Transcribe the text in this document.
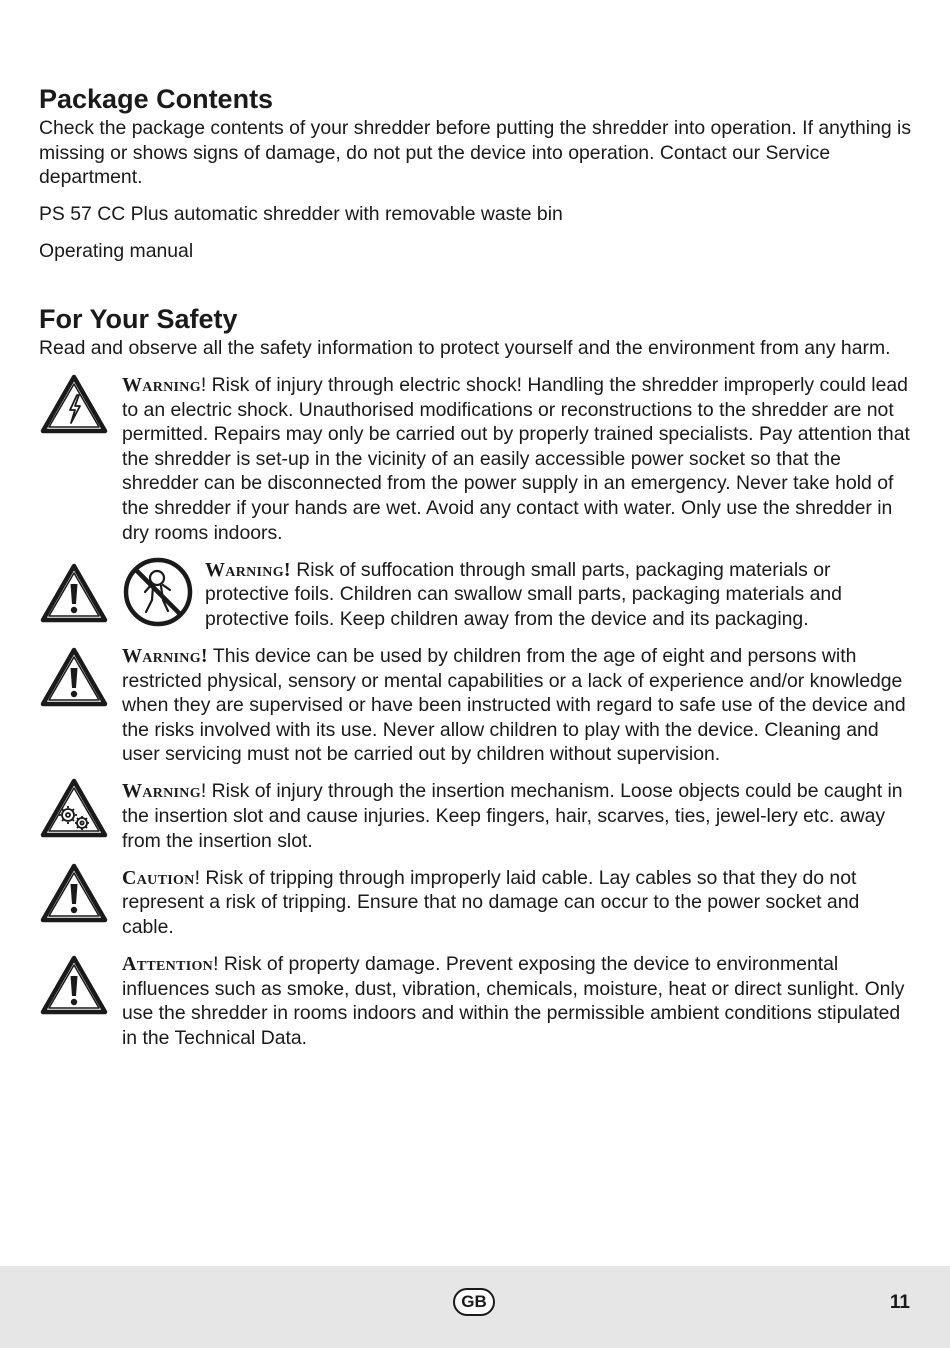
Package Contents

Check the package contents of your shredder before putting the shredder into operation. If anything is missing or shows signs of damage, do not put the device into operation. Contact our Service department.

PS 57 CC Plus automatic shredder with removable waste bin

Operating manual

For Your Safety

Read and observe all the safety information to protect yourself and the environment from any harm.

Warning! Risk of injury through electric shock! Handling the shredder improperly could lead to an electric shock. Unauthorised modifications or reconstructions to the shredder are not permitted. Repairs may only be carried out by properly trained specialists. Pay attention that the shredder is set-up in the vicinity of an easily accessible power socket so that the shredder can be disconnected from the power supply in an emergency. Never take hold of the shredder if your hands are wet. Avoid any contact with water. Only use the shredder in dry rooms indoors.

Warning! Risk of suffocation through small parts, packaging materials or protective foils. Children can swallow small parts, packaging materials and protective foils. Keep children away from the device and its packaging.

Warning! This device can be used by children from the age of eight and persons with restricted physical, sensory or mental capabilities or a lack of experience and/or knowledge when they are supervised or have been instructed with regard to safe use of the device and the risks involved with its use. Never allow children to play with the device. Cleaning and user servicing must not be carried out by children without supervision.

Warning! Risk of injury through the insertion mechanism. Loose objects could be caught in the insertion slot and cause injuries. Keep fingers, hair, scarves, ties, jewel-lery etc. away from the insertion slot.

Caution! Risk of tripping through improperly laid cable. Lay cables so that they do not represent a risk of tripping. Ensure that no damage can occur to the power socket and cable.

Attention! Risk of property damage. Prevent exposing the device to environmental influences such as smoke, dust, vibration, chemicals, moisture, heat or direct sunlight. Only use the shredder in rooms indoors and within the permissible ambient conditions stipulated in the Technical Data.

GB	11
